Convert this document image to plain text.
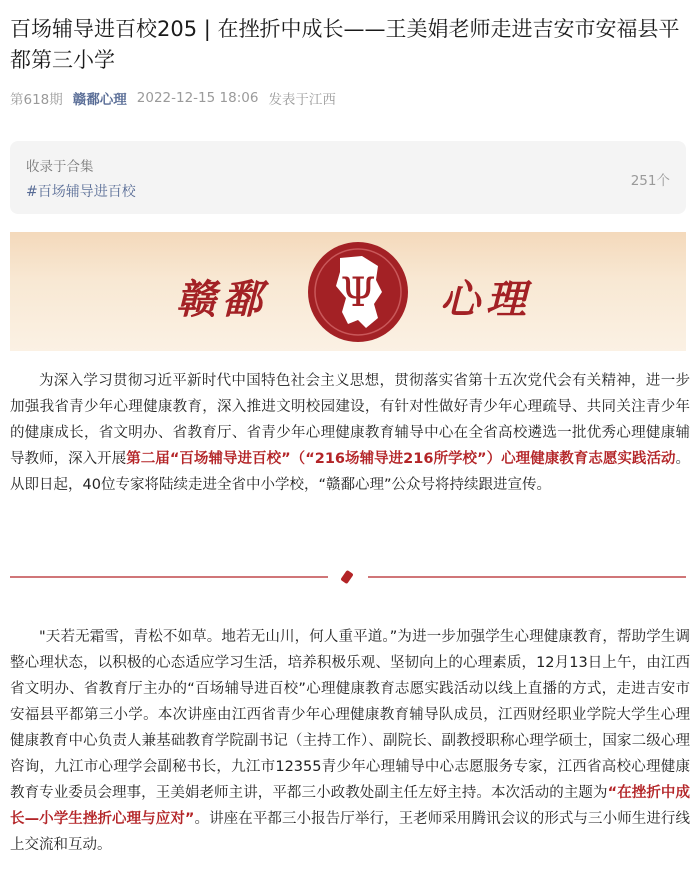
百场辅导进百校205 | 在挫折中成长——王美娟老师走进吉安市安福县平都第三小学
第618期 赣鄱心理 2022-12-15 18:06 发表于江西
收录于合集
#百场辅导进百校
251个
赣鄱 Ψ 心理

为深入学习贯彻习近平新时代中国特色社会主义思想，贯彻落实省第十五次党代会有关精神，进一步加强我省青少年心理健康教育，深入推进文明校园建设，有针对性做好青少年心理疏导、共同关注青少年的健康成长，省文明办、省教育厅、省青少年心理健康教育辅导中心在全省高校遴选一批优秀心理健康辅导教师，深入开展第二届“百场辅导进百校”（“216场辅导进216所学校”）心理健康教育志愿实践活动。从即日起，40位专家将陆续走进全省中小学校，“赣鄱心理”公众号将持续跟进宣传。

"天若无霜雪，青松不如草。地若无山川，何人重平道。”为进一步加强学生心理健康教育，帮助学生调整心理状态，以积极的心态适应学习生活，培养积极乐观、坚韧向上的心理素质，12月13日上午，由江西省文明办、省教育厅主办的“百场辅导进百校”心理健康教育志愿实践活动以线上直播的方式，走进吉安市安福县平都第三小学。本次讲座由江西省青少年心理健康教育辅导队成员，江西财经职业学院大学生心理健康教育中心负责人兼基础教育学院副书记（主持工作）、副院长、副教授职称心理学硕士，国家二级心理咨询，九江市心理学会副秘书长，九江市12355青少年心理辅导中心志愿服务专家，江西省高校心理健康教育专业委员会理事，王美娟老师主讲，平都三小政教处副主任左妤主持。本次活动的主题为“在挫折中成长—小学生挫折心理与应对”。讲座在平都三小报告厅举行，王老师采用腾讯会议的形式与三小师生进行线上交流和互动。
